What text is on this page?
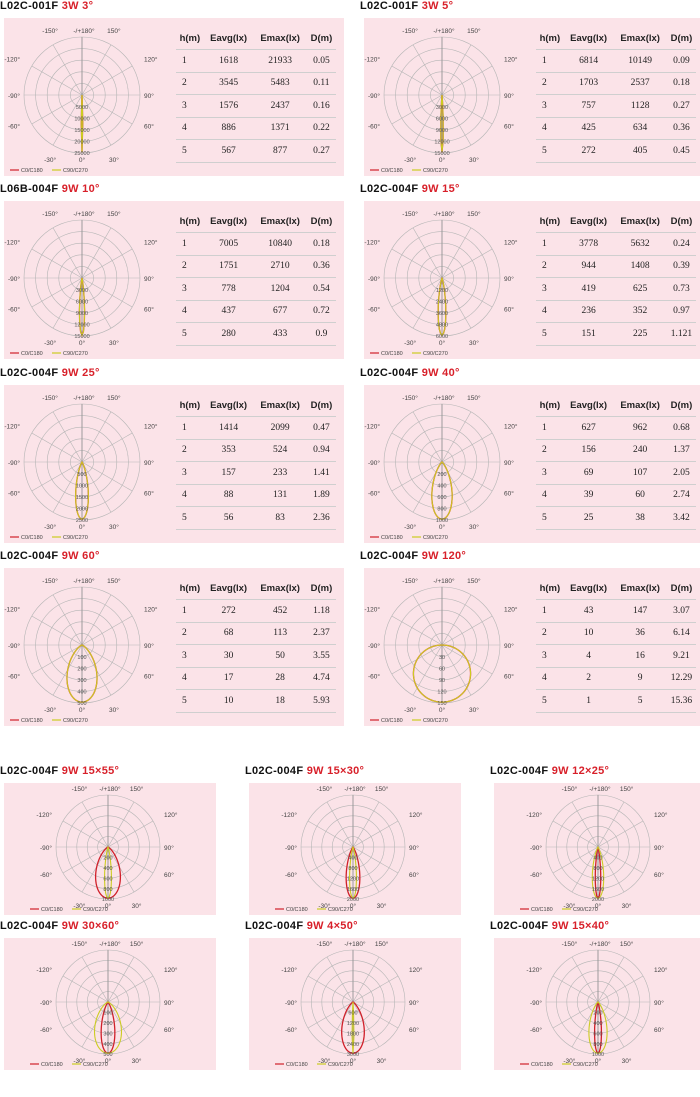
L02C-001F 3W 3°
-150° -/+180° 150°
-120°	120°
-90°	90°
-60°	60°
-30°	0°	30°
5000
10000
15000
20000
25000
C0/C180	C90/C270
h(m)	Eavg(lx)	Emax(lx)	D(m)
1	1618	21933	0.05
2	3545	5483	0.11
3	1576	2437	0.16
4	886	1371	0.22
5	567	877	0.27
L02C-001F 3W 5°
-150° -/+180° 150°
-120°	120°
-90°	90°
-60°	60°
-30°	0°	30°
3000
6000
9000
12000
15000
C0/C180	C90/C270
h(m)	Eavg(lx)	Emax(lx)	D(m)
1	6814	10149	0.09
2	1703	2537	0.18
3	757	1128	0.27
4	425	634	0.36
5	272	405	0.45
L06B-004F 9W 10°
-150° -/+180° 150°
-120°	120°
-90°	90°
-60°	60°
-30°	0°	30°
3000
6000
9000
12000
15000
C0/C180	C90/C270
h(m)	Eavg(lx)	Emax(lx)	D(m)
1	7005	10840	0.18
2	1751	2710	0.36
3	778	1204	0.54
4	437	677	0.72
5	280	433	0.9
L02C-004F 9W 15°
-150° -/+180° 150°
-120°	120°
-90°	90°
-60°	60°
-30°	0°	30°
1200
2400
3600
4800
6000
C0/C180	C90/C270
h(m)	Eavg(lx)	Emax(lx)	D(m)
1	3778	5632	0.24
2	944	1408	0.39
3	419	625	0.73
4	236	352	0.97
5	151	225	1.121
L02C-004F 9W 25°
-150° -/+180° 150°
-120°	120°
-90°	90°
-60°	60°
-30°	0°	30°
500
1000
1500
2000
2500
C0/C180	C90/C270
h(m)	Eavg(lx)	Emax(lx)	D(m)
1	1414	2099	0.47
2	353	524	0.94
3	157	233	1.41
4	88	131	1.89
5	56	83	2.36
L02C-004F 9W 40°
-150° -/+180° 150°
-120°	120°
-90°	90°
-60°	60°
-30°	0°	30°
200
400
600
800
1000
C0/C180	C90/C270
h(m)	Eavg(lx)	Emax(lx)	D(m)
1	627	962	0.68
2	156	240	1.37
3	69	107	2.05
4	39	60	2.74
5	25	38	3.42
L02C-004F 9W 60°
-150° -/+180° 150°
-120°	120°
-90°	90°
-60°	60°
-30°	0°	30°
100
200
300
400
500
C0/C180	C90/C270
h(m)	Eavg(lx)	Emax(lx)	D(m)
1	272	452	1.18
2	68	113	2.37
3	30	50	3.55
4	17	28	4.74
5	10	18	5.93
L02C-004F 9W 120°
-150° -/+180° 150°
-120°	120°
-90°	90°
-60°	60°
-30°	0°	30°
30
60
90
120
150
C0/C180	C90/C270
h(m)	Eavg(lx)	Emax(lx)	D(m)
1	43	147	3.07
2	10	36	6.14
3	4	16	9.21
4	2	9	12.29
5	1	5	15.36
L02C-004F 9W 15×55°
-150° -/+180° 150°
-120°	120°
-90°	90°
-60°	60°
-30°	0°	30°
200
400
600
800
1000
C0/C180	C90/C270
L02C-004F 9W 15×30°
-150° -/+180° 150°
-120°	120°
-90°	90°
-60°	60°
-30°	0°	30°
400
800
1200
1600
2000
C0/C180	C90/C270
L02C-004F 9W 12×25°
-150° -/+180° 150°
-120°	120°
-90°	90°
-60°	60°
-30°	0°	30°
400
800
1200
1600
2000
C0/C180	C90/C270
L02C-004F 9W 30×60°
-150° -/+180° 150°
-120°	120°
-90°	90°
-60°	60°
-30°	0°	30°
100
200
300
400
500
C0/C180	C90/C270
L02C-004F 9W 4×50°
-150° -/+180° 150°
-120°	120°
-90°	90°
-60°	60°
-30°	0°	30°
600
1200
1800
2400
3000
C0/C180	C90/C270
L02C-004F 9W 15×40°
-150° -/+180° 150°
-120°	120°
-90°	90°
-60°	60°
-30°	0°	30°
200
400
600
800
1000
C0/C180	C90/C270
